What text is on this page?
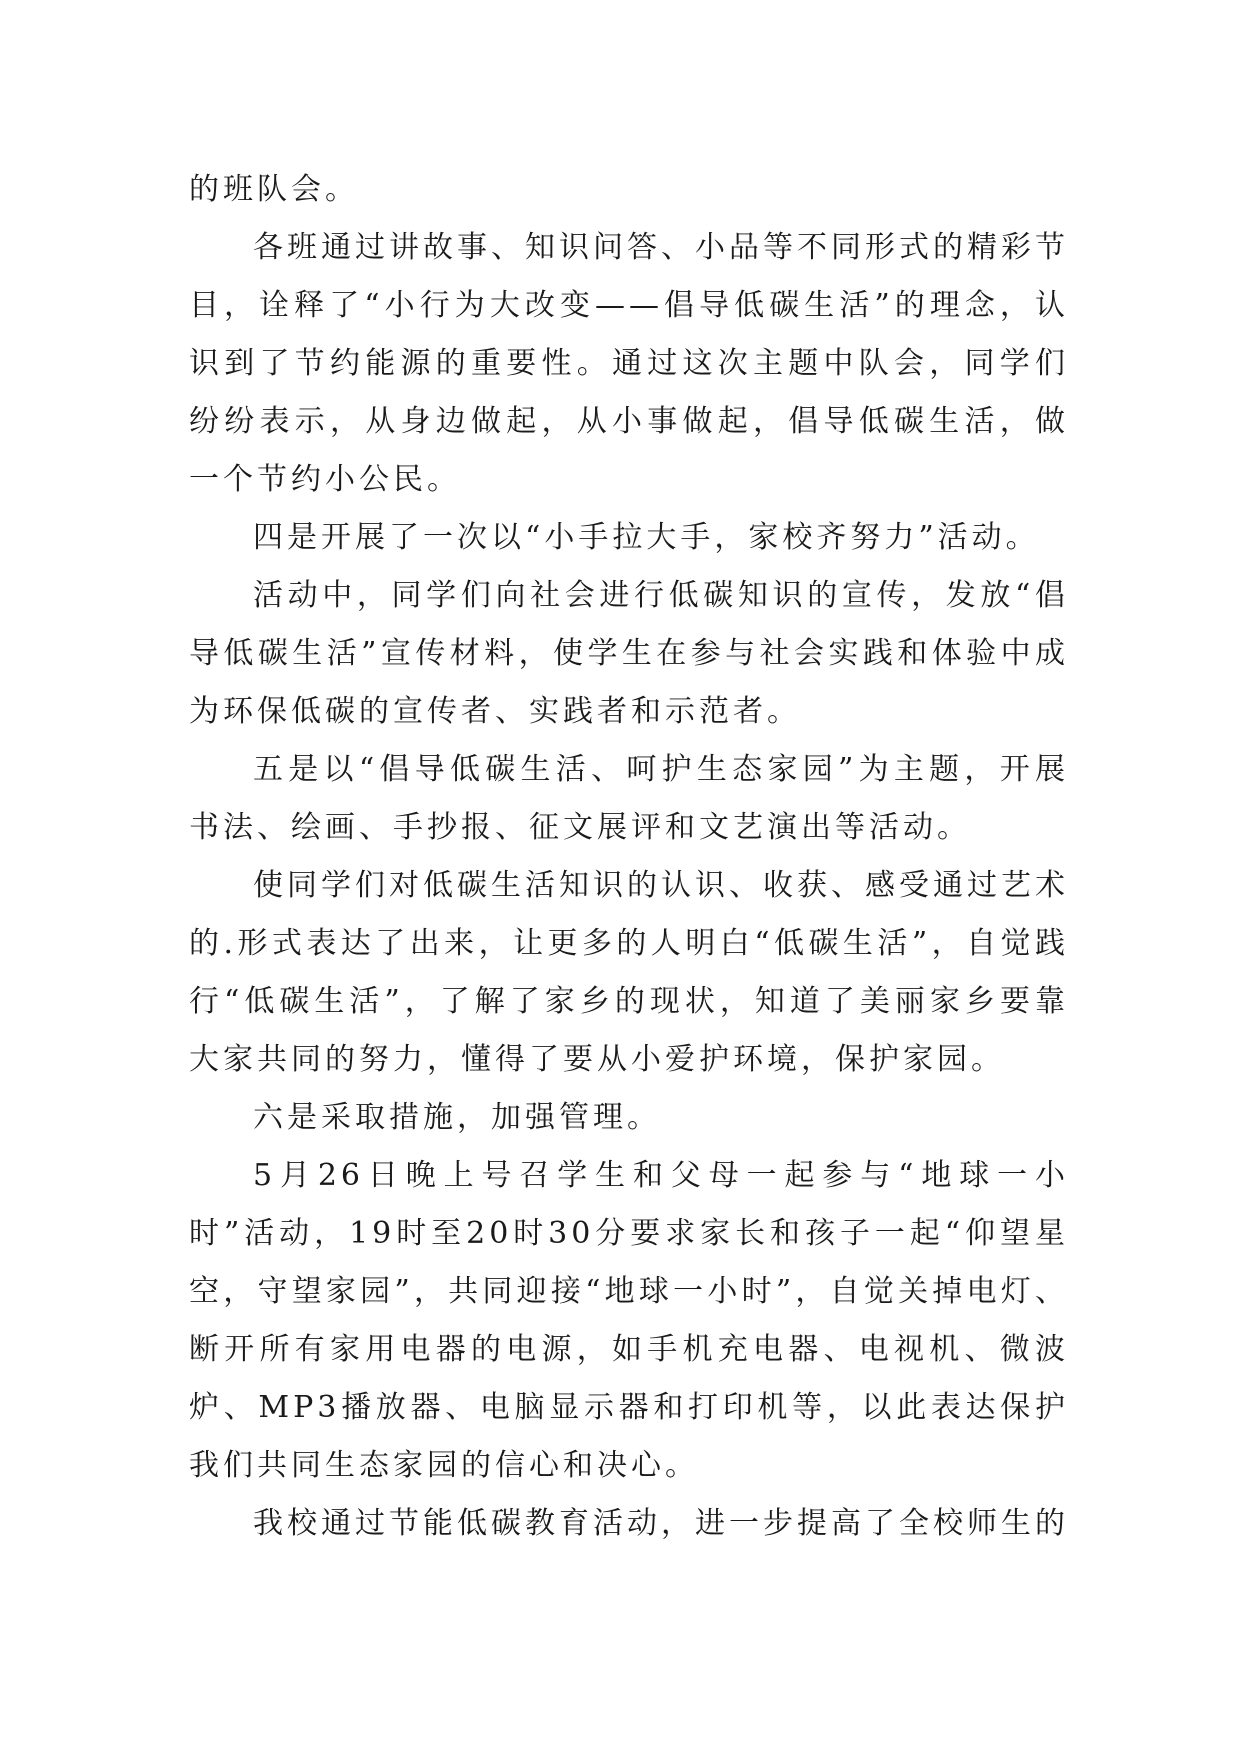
的班队会。

各班通过讲故事、知识问答、小品等不同形式的精彩节目，诠释了“小行为大改变——倡导低碳生活”的理念，认识到了节约能源的重要性。通过这次主题中队会，同学们纷纷表示，从身边做起，从小事做起，倡导低碳生活，做一个节约小公民。

四是开展了一次以“小手拉大手，家校齐努力”活动。

活动中，同学们向社会进行低碳知识的宣传，发放“倡导低碳生活”宣传材料，使学生在参与社会实践和体验中成为环保低碳的宣传者、实践者和示范者。

五是以“倡导低碳生活、呵护生态家园”为主题，开展书法、绘画、手抄报、征文展评和文艺演出等活动。

使同学们对低碳生活知识的认识、收获、感受通过艺术的.形式表达了出来，让更多的人明白“低碳生活”，自觉践行“低碳生活”，了解了家乡的现状，知道了美丽家乡要靠大家共同的努力，懂得了要从小爱护环境，保护家园。

六是采取措施，加强管理。

5月26日晚上号召学生和父母一起参与“地球一小时”活动，19时至20时30分要求家长和孩子一起“仰望星空，守望家园”，共同迎接“地球一小时”，自觉关掉电灯、断开所有家用电器的电源，如手机充电器、电视机、微波炉、MP3播放器、电脑显示器和打印机等，以此表达保护我们共同生态家园的信心和决心。

我校通过节能低碳教育活动，进一步提高了全校师生的
